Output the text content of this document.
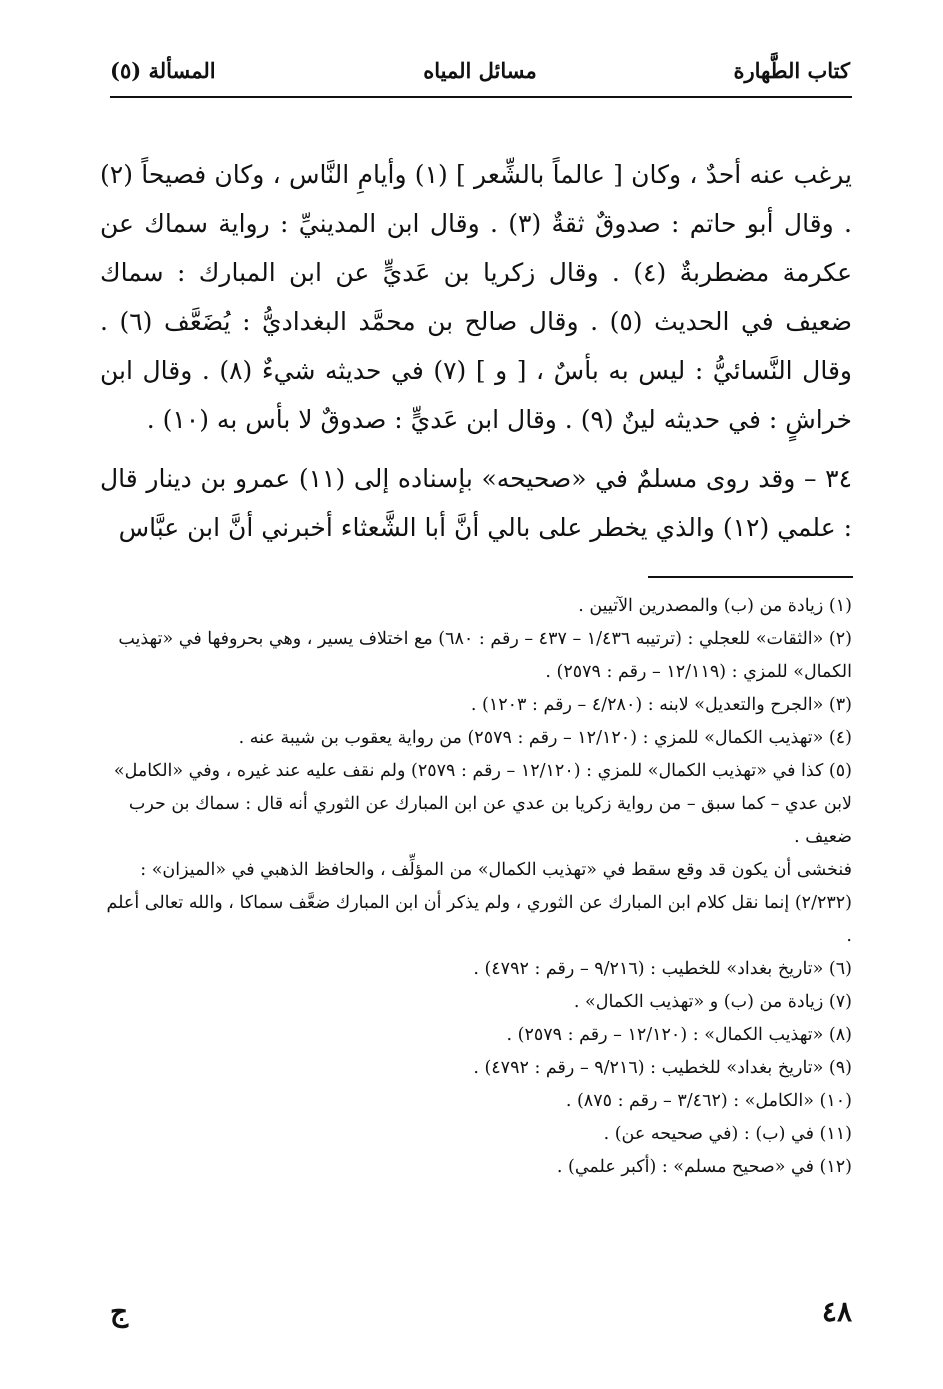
كتاب الطَّهارة
مسائل المياه
المسألة (٥)

يرغب عنه أحدٌ ، وكان [ عالماً بالشِّعر ] (١) وأيامِ النَّاس ، وكان فصيحاً (٢) . وقال أبو حاتم : صدوقٌ ثقةٌ (٣) . وقال ابن المدينيِّ : رواية سماك عن عكرمة مضطربةٌ (٤) . وقال زكريا بن عَديٍّ عن ابن المبارك : سماك ضعيف في الحديث (٥) . وقال صالح بن محمَّد البغداديُّ : يُضَعَّف (٦) . وقال النَّسائيُّ : ليس به بأسٌ ، [ و ] (٧) في حديثه شيءٌ (٨) . وقال ابن خراشٍ : في حديثه لينٌ (٩) . وقال ابن عَديٍّ : صدوقٌ لا بأس به (١٠) .

٣٤ – وقد روى مسلمٌ في «صحيحه» بإسناده إلى (١١) عمرو بن دينار قال : علمي (١٢) والذي يخطر على بالي أنَّ أبا الشَّعثاء أخبرني أنَّ ابن عبَّاس

(١) زيادة من (ب) والمصدرين الآتيين .
(٢) «الثقات» للعجلي : (ترتيبه ١/٤٣٦ – ٤٣٧ – رقم : ٦٨٠) مع اختلاف يسير ، وهي بحروفها في «تهذيب الكمال» للمزي : (١٢/١١٩ – رقم : ٢٥٧٩) .
(٣) «الجرح والتعديل» لابنه : (٤/٢٨٠ – رقم : ١٢٠٣) .
(٤) «تهذيب الكمال» للمزي : (١٢/١٢٠ – رقم : ٢٥٧٩) من رواية يعقوب بن شيبة عنه .
(٥) كذا في «تهذيب الكمال» للمزي : (١٢/١٢٠ – رقم : ٢٥٧٩) ولم نقف عليه عند غيره ، وفي «الكامل» لابن عدي – كما سبق – من رواية زكريا بن عدي عن ابن المبارك عن الثوري أنه قال : سماك بن حرب ضعيف .
فنخشى أن يكون قد وقع سقط في «تهذيب الكمال» من المؤلِّف ، والحافظ الذهبي في «الميزان» : (٢/٢٣٢) إنما نقل كلام ابن المبارك عن الثوري ، ولم يذكر أن ابن المبارك ضعَّف سماكا ، والله تعالى أعلم .
(٦) «تاريخ بغداد» للخطيب : (٩/٢١٦ – رقم : ٤٧٩٢) .
(٧) زيادة من (ب) و «تهذيب الكمال» .
(٨) «تهذيب الكمال» : (١٢/١٢٠ – رقم : ٢٥٧٩) .
(٩) «تاريخ بغداد» للخطيب : (٩/٢١٦ – رقم : ٤٧٩٢) .
(١٠) «الكامل» : (٣/٤٦٢ – رقم : ٨٧٥) .
(١١) في (ب) : (في صحيحه عن) .
(١٢) في «صحيح مسلم» : (أكبر علمي) .
٤٨
ج
